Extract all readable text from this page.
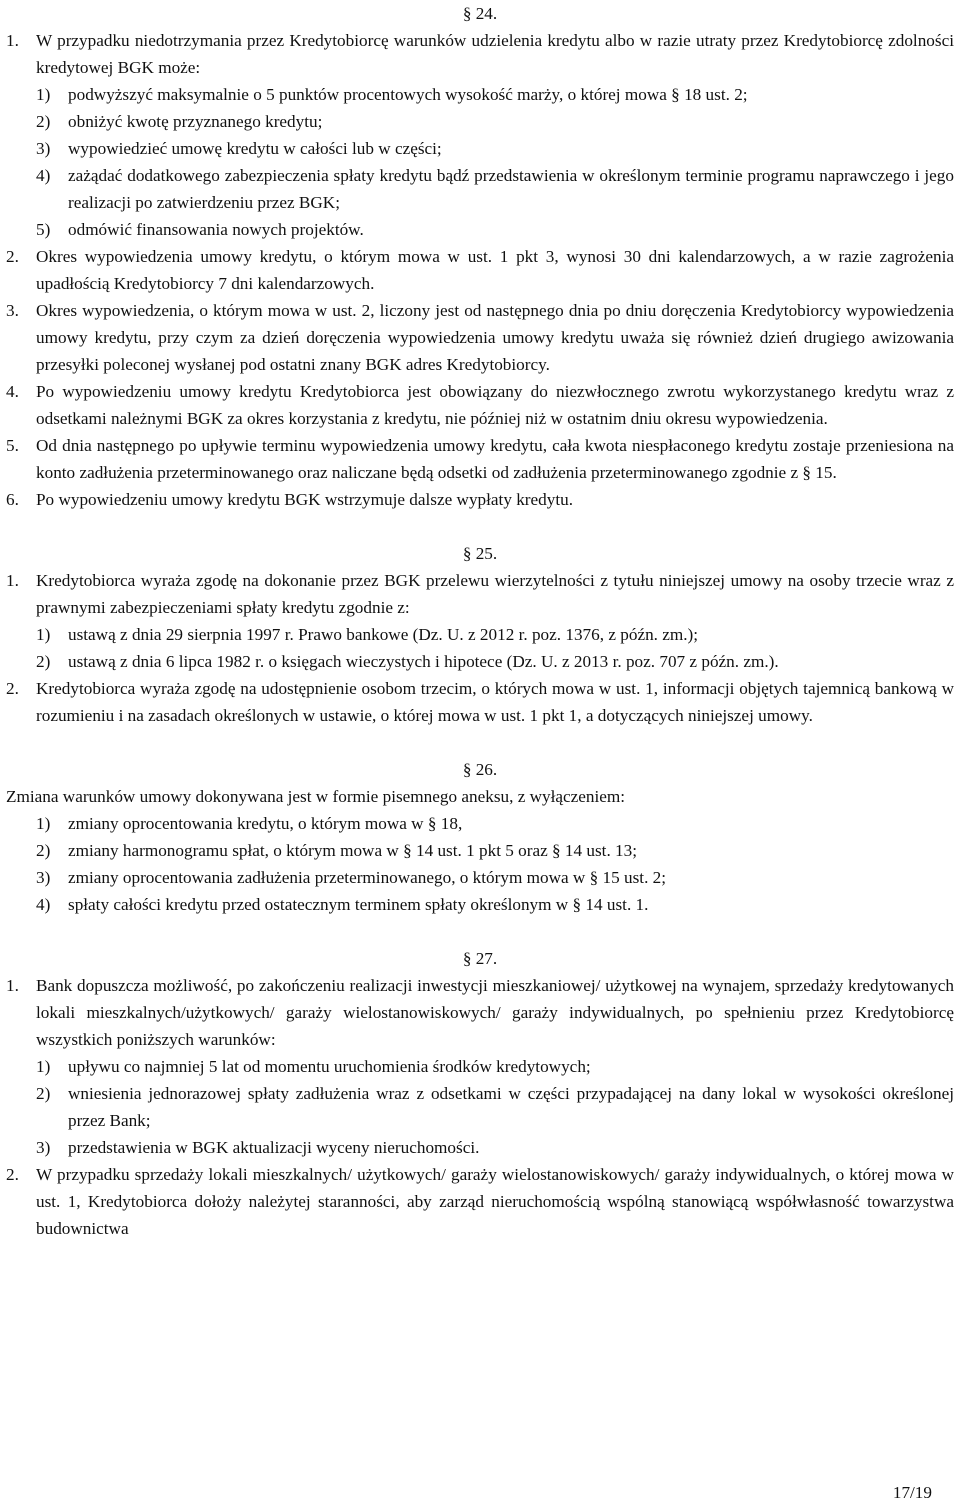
§ 24.
1. W przypadku niedotrzymania przez Kredytobiorcę warunków udzielenia kredytu albo w razie utraty przez Kredytobiorcę zdolności kredytowej BGK może:
1)	podwyższyć maksymalnie o 5 punktów procentowych wysokość marży, o której mowa § 18 ust. 2;
2)	obniżyć kwotę przyznanego kredytu;
3)	wypowiedzieć umowę kredytu w całości lub w części;
4)	zażądać dodatkowego zabezpieczenia spłaty kredytu bądź przedstawienia w określonym terminie programu naprawczego i jego realizacji po zatwierdzeniu przez BGK;
5)	odmówić finansowania nowych projektów.
2. Okres wypowiedzenia umowy kredytu, o którym mowa w ust. 1 pkt 3, wynosi 30 dni kalendarzowych, a w razie zagrożenia upadłością Kredytobiorcy 7 dni kalendarzowych.
3. Okres wypowiedzenia, o którym mowa w ust. 2, liczony jest od następnego dnia po dniu doręczenia Kredytobiorcy wypowiedzenia umowy kredytu, przy czym za dzień doręczenia wypowiedzenia umowy kredytu uważa się również dzień drugiego awizowania przesyłki poleconej wysłanej pod ostatni znany BGK adres Kredytobiorcy.
4. Po wypowiedzeniu umowy kredytu Kredytobiorca jest obowiązany do niezwłocznego zwrotu wykorzystanego kredytu wraz z odsetkami należnymi BGK za okres korzystania z kredytu, nie później niż w ostatnim dniu okresu wypowiedzenia.
5. Od dnia następnego po upływie terminu wypowiedzenia umowy kredytu, cała kwota niespłaconego kredytu zostaje przeniesiona na konto zadłużenia przeterminowanego oraz naliczane będą odsetki od zadłużenia przeterminowanego zgodnie z § 15.
6. Po wypowiedzeniu umowy kredytu BGK wstrzymuje dalsze wypłaty kredytu.
§ 25.
1. Kredytobiorca wyraża zgodę na dokonanie przez BGK przelewu wierzytelności z tytułu niniejszej umowy na osoby trzecie wraz z prawnymi zabezpieczeniami spłaty kredytu zgodnie z:
1)	ustawą z dnia 29 sierpnia 1997 r. Prawo bankowe (Dz. U. z 2012 r. poz. 1376, z późn. zm.);
2)	ustawą z dnia 6 lipca 1982 r. o księgach wieczystych i hipotece (Dz. U. z 2013 r. poz. 707 z późn. zm.).
2. Kredytobiorca wyraża zgodę na udostępnienie osobom trzecim, o których mowa w ust. 1, informacji objętych tajemnicą bankową w rozumieniu i na zasadach określonych w ustawie, o której mowa w ust. 1 pkt 1, a dotyczących niniejszej umowy.
§ 26.
Zmiana warunków umowy dokonywana jest w formie pisemnego aneksu, z wyłączeniem:
1)	zmiany oprocentowania kredytu, o którym mowa w § 18,
2)	zmiany harmonogramu spłat, o którym mowa w § 14 ust. 1 pkt 5 oraz § 14 ust. 13;
3)	zmiany oprocentowania zadłużenia przeterminowanego, o którym mowa w § 15 ust. 2;
4)	spłaty całości kredytu przed ostatecznym terminem spłaty określonym w § 14 ust. 1.
§ 27.
1. Bank dopuszcza możliwość, po zakończeniu realizacji inwestycji mieszkaniowej/ użytkowej na wynajem, sprzedaży kredytowanych lokali mieszkalnych/użytkowych/ garaży wielostanowiskowych/ garaży indywidualnych, po spełnieniu przez Kredytobiorcę wszystkich poniższych warunków:
1)	upływu co najmniej 5 lat od momentu uruchomienia środków kredytowych;
2)	wniesienia jednorazowej spłaty zadłużenia wraz z odsetkami w części przypadającej na dany lokal w wysokości określonej przez Bank;
3)	przedstawienia w BGK aktualizacji wyceny nieruchomości.
2. W przypadku sprzedaży lokali mieszkalnych/ użytkowych/ garaży wielostanowiskowych/ garaży indywidualnych, o której mowa w ust. 1, Kredytobiorca dołoży należytej staranności, aby zarząd nieruchomością wspólną stanowiącą współwłasność towarzystwa budownictwa
17/19
